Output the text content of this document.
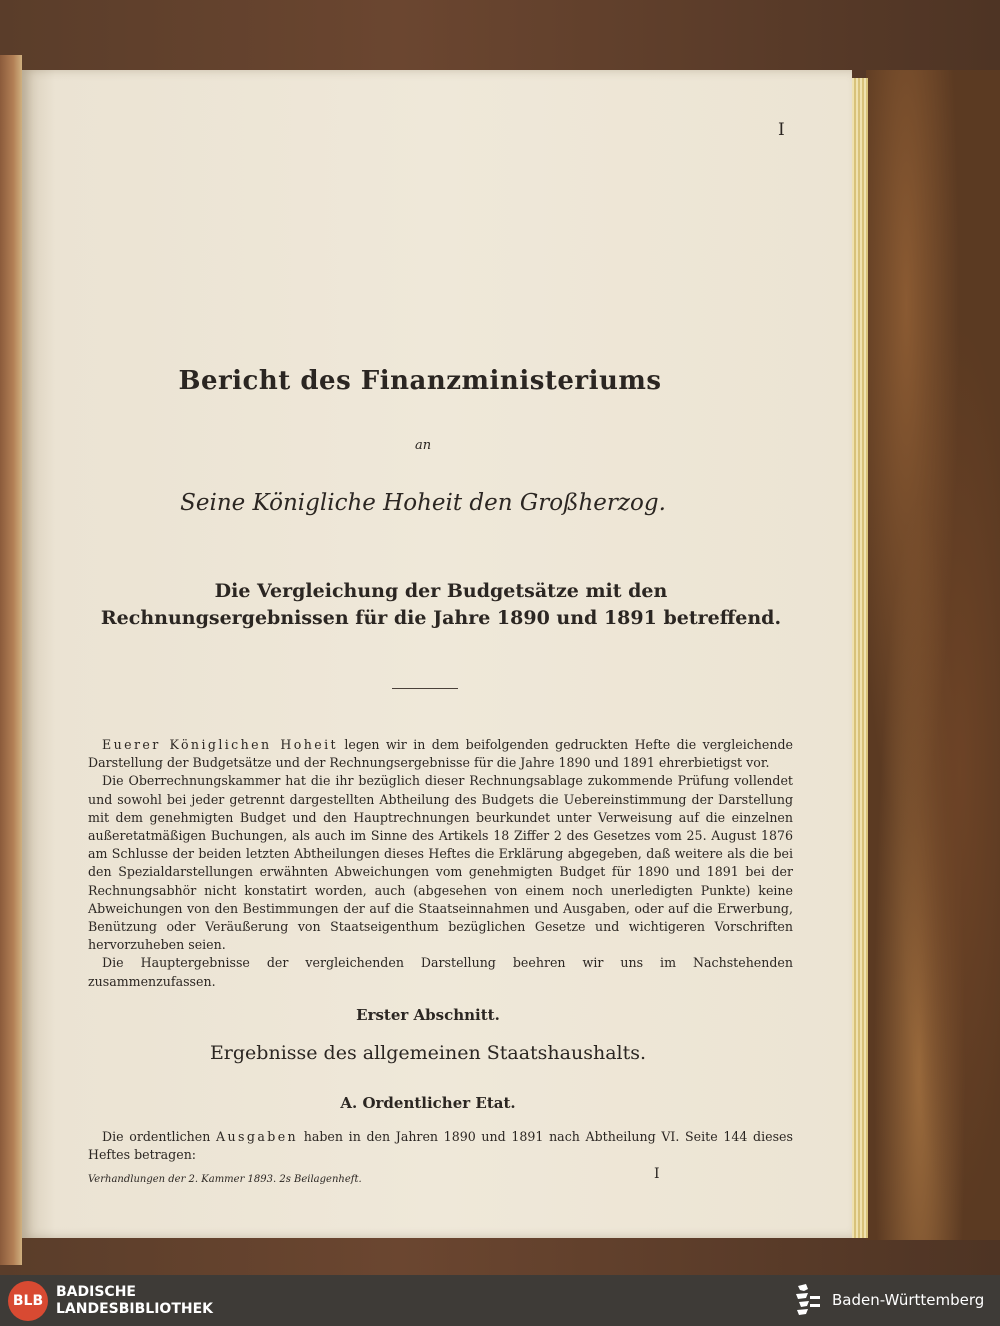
I
Bericht des Finanzministeriums
an
Seine Königliche Hoheit den Großherzog.
Die Vergleichung der Budgetsätze mit den Rechnungsergebnissen für die Jahre 1890 und 1891 betreffend.

Euerer Königlichen Hoheit legen wir in dem beifolgenden gedruckten Hefte die vergleichende Darstellung der Budgetsätze und der Rechnungsergebnisse für die Jahre 1890 und 1891 ehrerbietigst vor.

Die Oberrechnungskammer hat die ihr bezüglich dieser Rechnungsablage zukommende Prüfung vollendet und sowohl bei jeder getrennt dargestellten Abtheilung des Budgets die Uebereinstimmung der Darstellung mit dem genehmigten Budget und den Hauptrechnungen beurkundet unter Verweisung auf die einzelnen außeretatmäßigen Buchungen, als auch im Sinne des Artikels 18 Ziffer 2 des Gesetzes vom 25. August 1876 am Schlusse der beiden letzten Abtheilungen dieses Heftes die Erklärung abgegeben, daß weitere als die bei den Spezialdarstellungen erwähnten Abweichungen vom genehmigten Budget für 1890 und 1891 bei der Rechnungsabhör nicht konstatirt worden, auch (abgesehen von einem noch unerledigten Punkte) keine Abweichungen von den Bestimmungen der auf die Staatseinnahmen und Ausgaben, oder auf die Erwerbung, Benützung oder Veräußerung von Staatseigenthum bezüglichen Gesetze und wichtigeren Vorschriften hervorzuheben seien.

Die Hauptergebnisse der vergleichenden Darstellung beehren wir uns im Nachstehenden zusammenzufassen.

Erster Abschnitt.
Ergebnisse des allgemeinen Staatshaushalts.
A. Ordentlicher Etat.

Die ordentlichen Ausgaben haben in den Jahren 1890 und 1891 nach Abtheilung VI. Seite 144 dieses Heftes betragen:

Verhandlungen der 2. Kammer 1893. 2s Beilagenheft.	I
BLB
BADISCHE
LANDESBIBLIOTHEK	Baden-Württemberg
